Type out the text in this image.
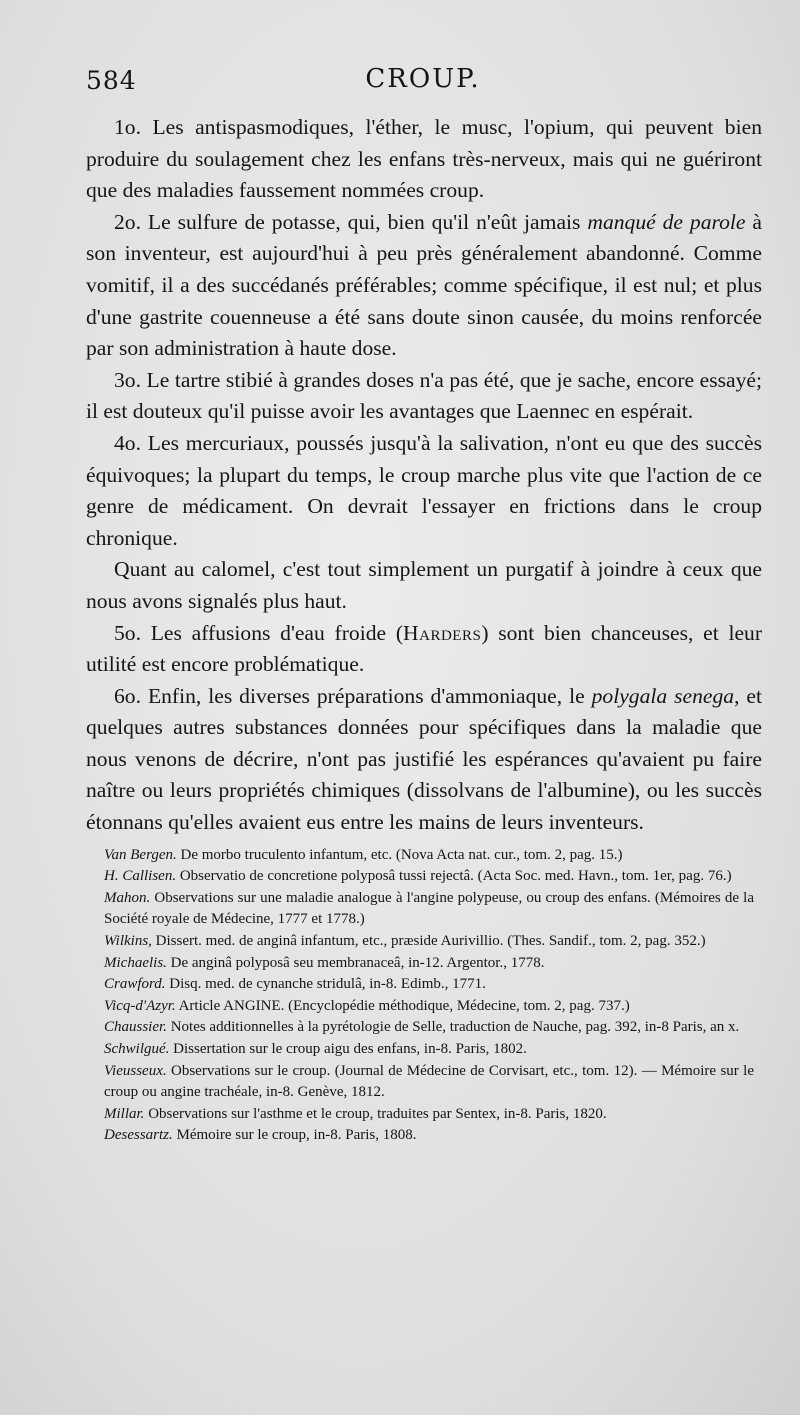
584	CROUP.

1o. Les antispasmodiques, l'éther, le musc, l'opium, qui peuvent bien produire du soulagement chez les enfans très-nerveux, mais qui ne guériront que des maladies faussement nommées croup.

2o. Le sulfure de potasse, qui, bien qu'il n'eût jamais manqué de parole à son inventeur, est aujourd'hui à peu près généralement abandonné. Comme vomitif, il a des succédanés préférables; comme spécifique, il est nul; et plus d'une gastrite couenneuse a été sans doute sinon causée, du moins renforcée par son administration à haute dose.

3o. Le tartre stibié à grandes doses n'a pas été, que je sache, encore essayé; il est douteux qu'il puisse avoir les avantages que Laennec en espérait.

4o. Les mercuriaux, poussés jusqu'à la salivation, n'ont eu que des succès équivoques; la plupart du temps, le croup marche plus vite que l'action de ce genre de médicament. On devrait l'essayer en frictions dans le croup chronique.

Quant au calomel, c'est tout simplement un purgatif à joindre à ceux que nous avons signalés plus haut.

5o. Les affusions d'eau froide (Harders) sont bien chanceuses, et leur utilité est encore problématique.

6o. Enfin, les diverses préparations d'ammoniaque, le polygala senega, et quelques autres substances données pour spécifiques dans la maladie que nous venons de décrire, n'ont pas justifié les espérances qu'avaient pu faire naître ou leurs propriétés chimiques (dissolvans de l'albumine), ou les succès étonnans qu'elles avaient eus entre les mains de leurs inventeurs.

Van Bergen. De morbo truculento infantum, etc. (Nova Acta nat. cur., tom. 2, pag. 15.)

H. Callisen. Observatio de concretione polyposâ tussi rejectâ. (Acta Soc. med. Havn., tom. 1er, pag. 76.)

Mahon. Observations sur une maladie analogue à l'angine polypeuse, ou croup des enfans. (Mémoires de la Société royale de Médecine, 1777 et 1778.)

Wilkins, Dissert. med. de anginâ infantum, etc., præside Aurivillio. (Thes. Sandif., tom. 2, pag. 352.)

Michaelis. De anginâ polyposâ seu membranaceâ, in-12. Argentor., 1778.

Crawford. Disq. med. de cynanche stridulâ, in-8. Edimb., 1771.

Vicq-d'Azyr. Article ANGINE. (Encyclopédie méthodique, Médecine, tom. 2, pag. 737.)

Chaussier. Notes additionnelles à la pyrétologie de Selle, traduction de Nauche, pag. 392, in-8 Paris, an x.

Schwilgué. Dissertation sur le croup aigu des enfans, in-8. Paris, 1802.

Vieusseux. Observations sur le croup. (Journal de Médecine de Corvisart, etc., tom. 12). — Mémoire sur le croup ou angine trachéale, in-8. Genève, 1812.

Millar. Observations sur l'asthme et le croup, traduites par Sentex, in-8. Paris, 1820.

Desessartz. Mémoire sur le croup, in-8. Paris, 1808.
